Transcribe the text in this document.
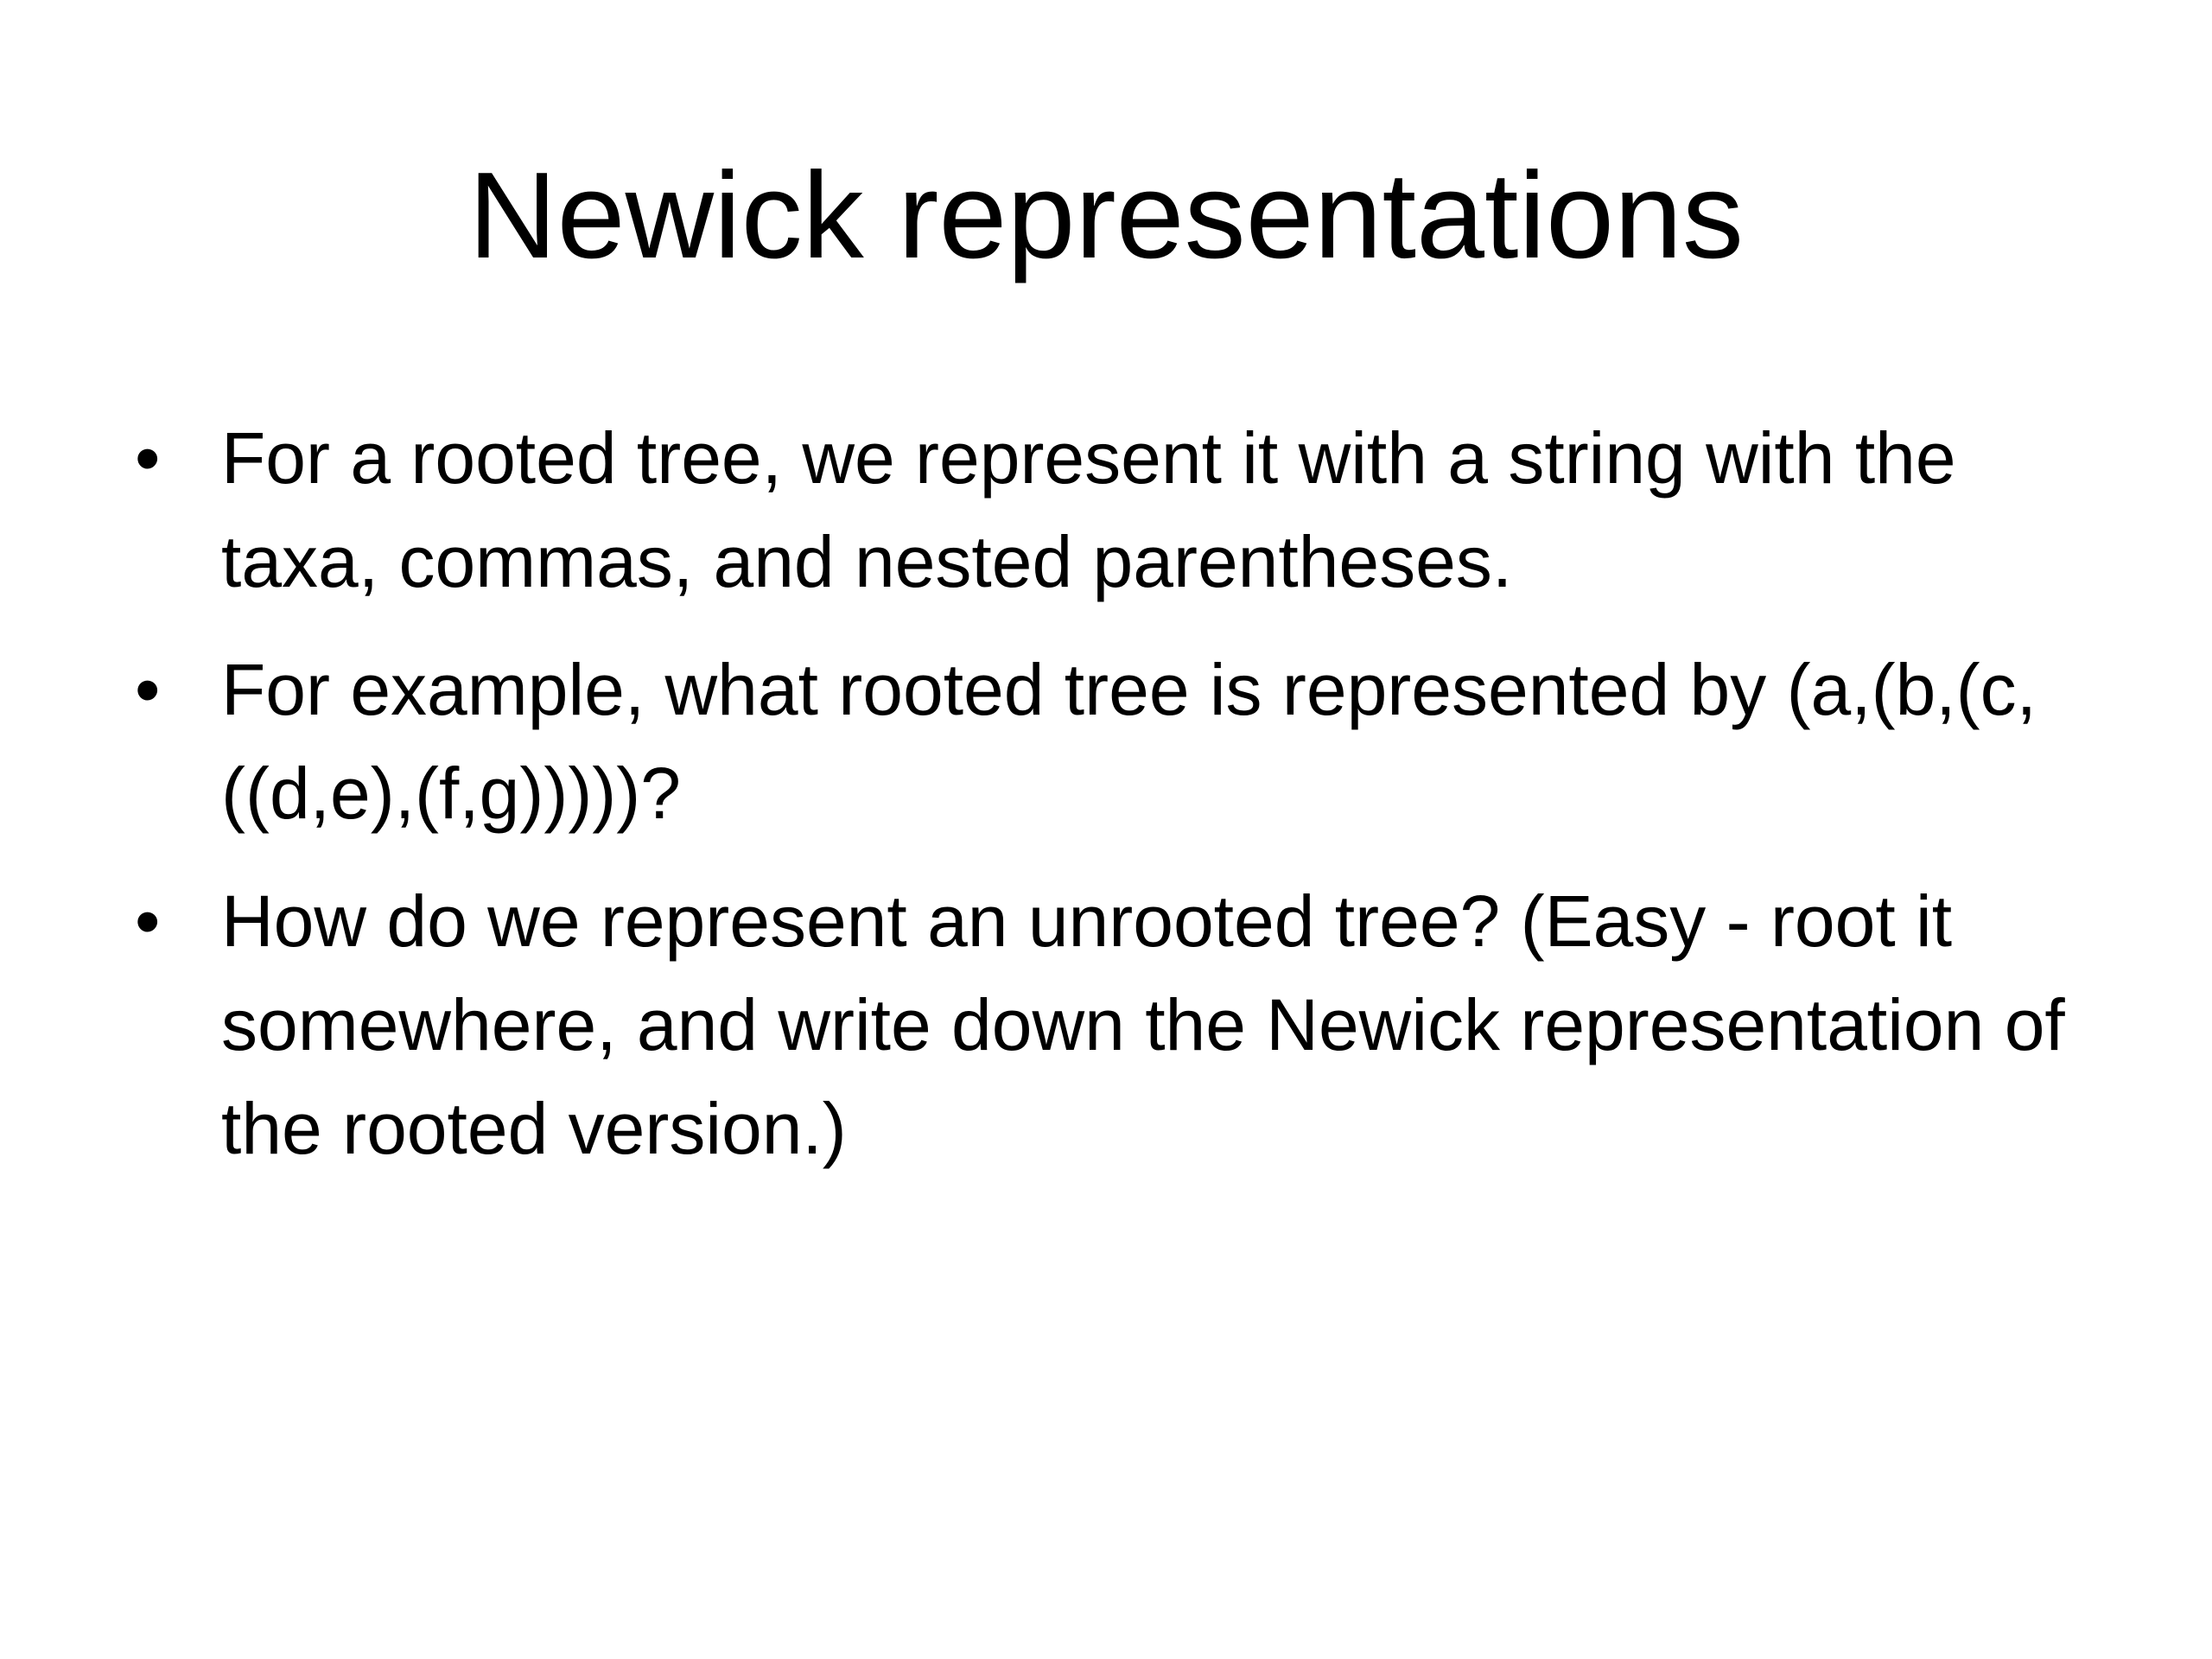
Newick representations
• For a rooted tree, we represent it with a string with the taxa, commas, and nested parentheses.
• For example, what rooted tree is represented by (a,(b,(c,((d,e),(f,g)))))?
• How do we represent an unrooted tree? (Easy - root it somewhere, and write down the Newick representation of the rooted version.)
